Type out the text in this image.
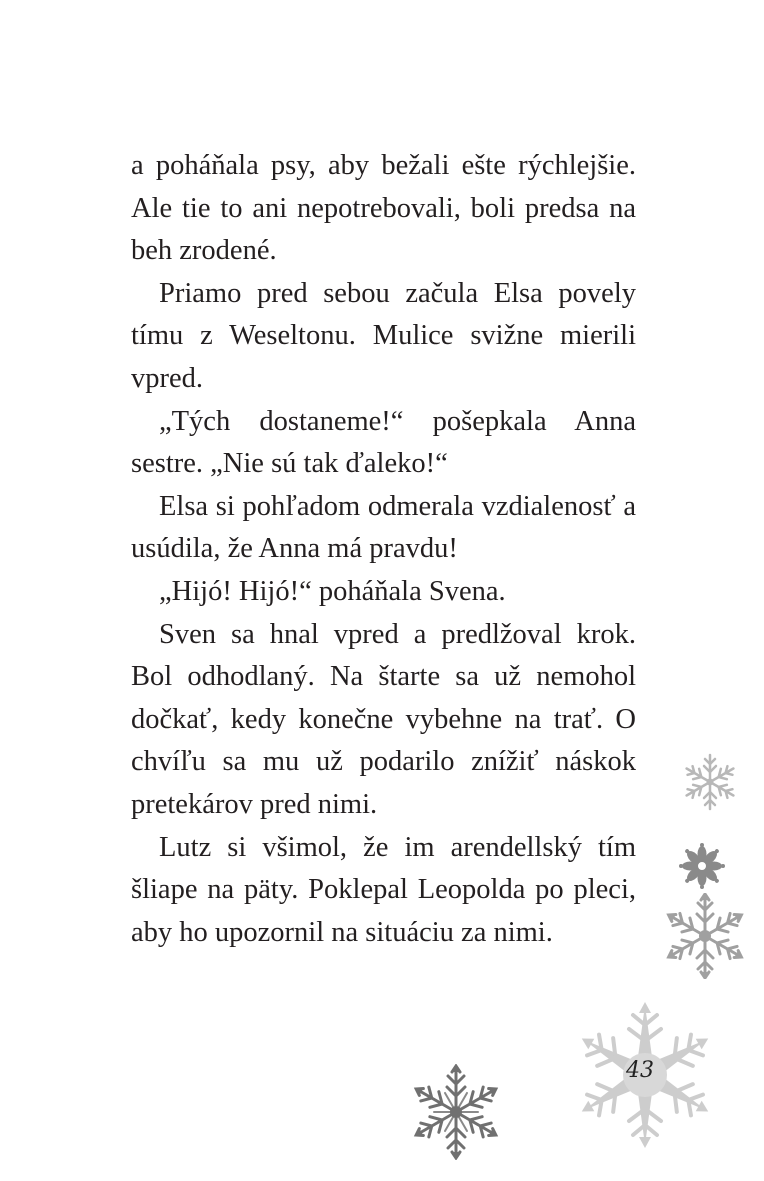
a poháňala psy, aby bežali ešte rýchlejšie. Ale tie to ani nepotrebovali, boli predsa na beh zrodené.

Priamo pred sebou začula Elsa povely tímu z Weseltonu. Mulice svižne mierili vpred.

„Tých dostaneme!“ pošepkala Anna sestre. „Nie sú tak ďaleko!“

Elsa si pohľadom odmerala vzdialenosť a usúdila, že Anna má pravdu!

„Hijó! Hijó!“ poháňala Svena.

Sven sa hnal vpred a predlžoval krok. Bol odhodlaný. Na štarte sa už nemohol dočkať, kedy konečne vybehne na trať. O chvíľu sa mu už podarilo znížiť náskok pretekárov pred nimi.

Lutz si všimol, že im arendellský tím šliape na päty. Poklepal Leopolda po pleci, aby ho upozornil na situáciu za nimi.

43
